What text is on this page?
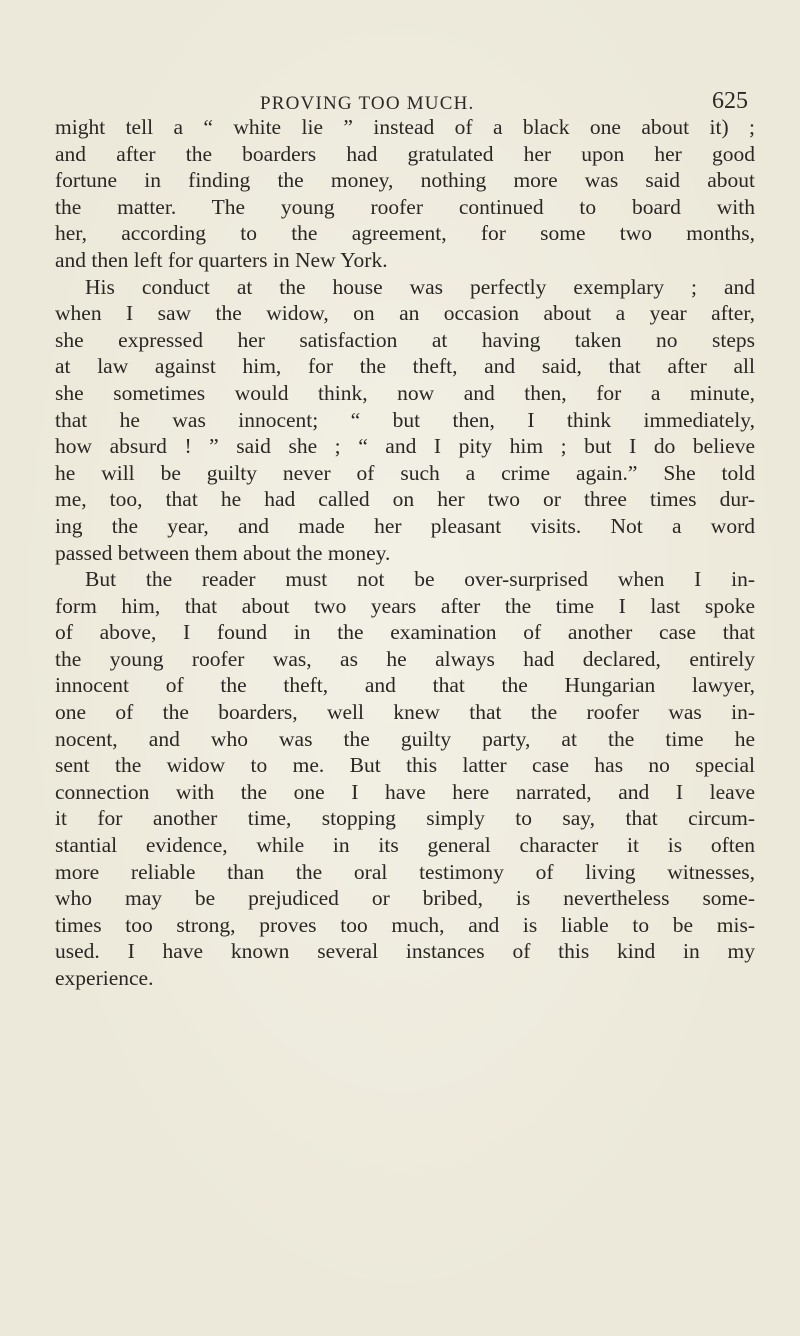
PROVING TOO MUCH.	625
might tell a “ white lie ” instead of a black one about it) ;
and after the boarders had gratulated her upon her good
fortune in finding the money, nothing more was said about
the matter. The young roofer continued to board with
her, according to the agreement, for some two months,
and then left for quarters in New York.
His conduct at the house was perfectly exemplary ; and
when I saw the widow, on an occasion about a year after,
she expressed her satisfaction at having taken no steps
at law against him, for the theft, and said, that after all
she sometimes would think, now and then, for a minute,
that he was innocent; “ but then, I think immediately,
how absurd ! ” said she ; “ and I pity him ; but I do believe
he will be guilty never of such a crime again.” She told
me, too, that he had called on her two or three times dur-
ing the year, and made her pleasant visits. Not a word
passed between them about the money.
But the reader must not be over-surprised when I in-
form him, that about two years after the time I last spoke
of above, I found in the examination of another case that
the young roofer was, as he always had declared, entirely
innocent of the theft, and that the Hungarian lawyer,
one of the boarders, well knew that the roofer was in-
nocent, and who was the guilty party, at the time he
sent the widow to me. But this latter case has no special
connection with the one I have here narrated, and I leave
it for another time, stopping simply to say, that circum-
stantial evidence, while in its general character it is often
more reliable than the oral testimony of living witnesses,
who may be prejudiced or bribed, is nevertheless some-
times too strong, proves too much, and is liable to be mis-
used. I have known several instances of this kind in my
experience.
